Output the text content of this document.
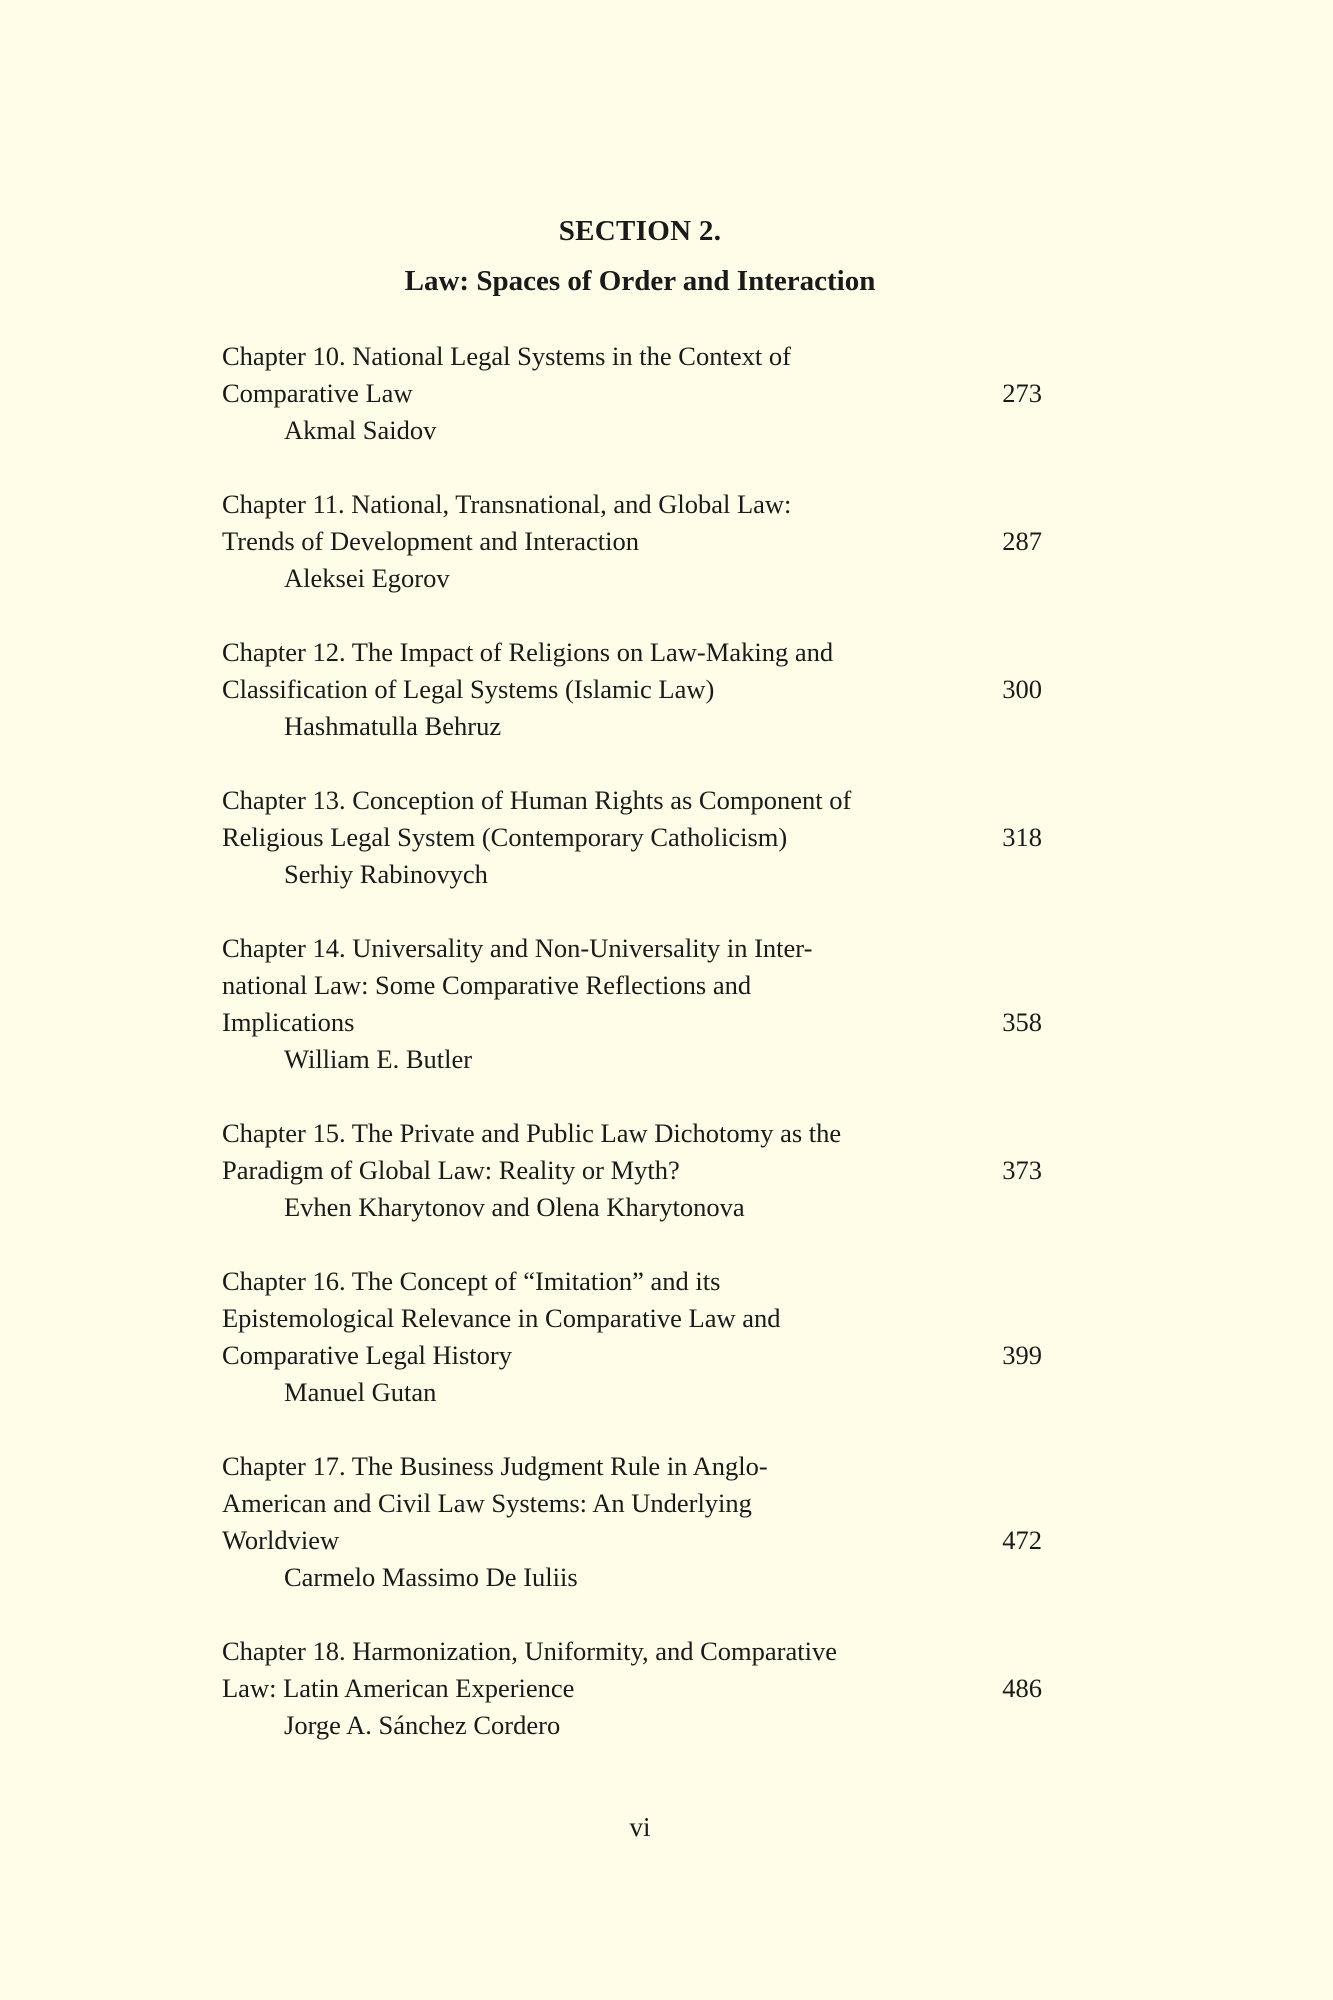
SECTION 2.
Law: Spaces of Order and Interaction
Chapter 10. National Legal Systems in the Context of
Comparative Law	273
Akmal Saidov
Chapter 11. National, Transnational, and Global Law:
Trends of Development and Interaction	287
Aleksei Egorov
Chapter 12. The Impact of Religions on Law-Making and
Classification of Legal Systems (Islamic Law)	300
Hashmatulla Behruz
Chapter 13. Conception of Human Rights as Component of
Religious Legal System (Contemporary Catholicism)	318
Serhiy Rabinovych
Chapter 14. Universality and Non-Universality in Inter-
national Law: Some Comparative Reflections and
Implications	358
William E. Butler
Chapter 15. The Private and Public Law Dichotomy as the
Paradigm of Global Law: Reality or Myth?	373
Evhen Kharytonov and Olena Kharytonova
Chapter 16. The Concept of “Imitation” and its
Epistemological Relevance in Comparative Law and
Comparative Legal History	399
Manuel Gutan
Chapter 17. The Business Judgment Rule in Anglo-
American and Civil Law Systems: An Underlying
Worldview	472
Carmelo Massimo De Iuliis
Chapter 18. Harmonization, Uniformity, and Comparative
Law: Latin American Experience	486
Jorge A. Sánchez Cordero
vi
